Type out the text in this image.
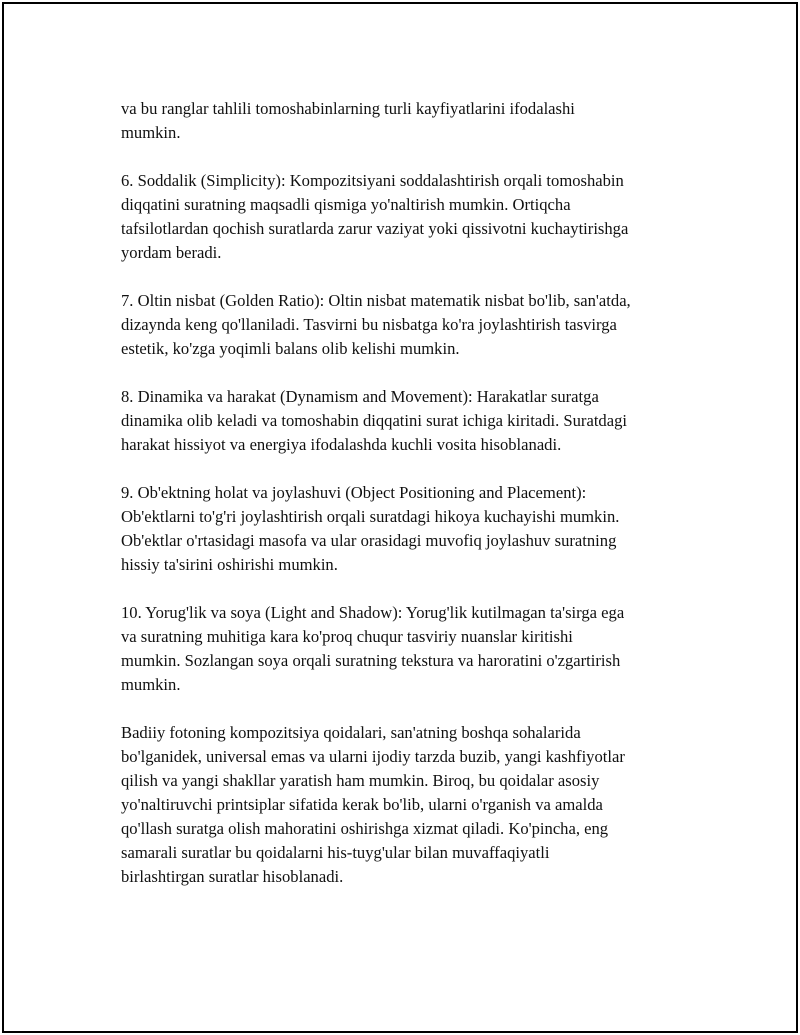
va bu ranglar tahlili tomoshabinlarning turli kayfiyatlarini ifodalashi
mumkin.

6. Soddalik (Simplicity): Kompozitsiyani soddalashtirish orqali tomoshabin
diqqatini suratning maqsadli qismiga yo'naltirish mumkin. Ortiqcha
tafsilotlardan qochish suratlarda zarur vaziyat yoki qissivotni kuchaytirishga
yordam beradi.

7. Oltin nisbat (Golden Ratio): Oltin nisbat matematik nisbat bo'lib, san'atda,
dizaynda keng qo'llaniladi. Tasvirni bu nisbatga ko'ra joylashtirish tasvirga
estetik, ko'zga yoqimli balans olib kelishi mumkin.

8. Dinamika va harakat (Dynamism and Movement): Harakatlar suratga
dinamika olib keladi va tomoshabin diqqatini surat ichiga kiritadi. Suratdagi
harakat hissiyot va energiya ifodalashda kuchli vosita hisoblanadi.

9. Ob'ektning holat va joylashuvi (Object Positioning and Placement):
Ob'ektlarni to'g'ri joylashtirish orqali suratdagi hikoya kuchayishi mumkin.
Ob'ektlar o'rtasidagi masofa va ular orasidagi muvofiq joylashuv suratning
hissiy ta'sirini oshirishi mumkin.

10. Yorug'lik va soya (Light and Shadow): Yorug'lik kutilmagan ta'sirga ega
va suratning muhitiga kara ko'proq chuqur tasviriy nuanslar kiritishi
mumkin. Sozlangan soya orqali suratning tekstura va haroratini o'zgartirish
mumkin.

Badiiy fotoning kompozitsiya qoidalari, san'atning boshqa sohalarida
bo'lganidek, universal emas va ularni ijodiy tarzda buzib, yangi kashfiyotlar
qilish va yangi shakllar yaratish ham mumkin. Biroq, bu qoidalar asosiy
yo'naltiruvchi printsiplar sifatida kerak bo'lib, ularni o'rganish va amalda
qo'llash suratga olish mahoratini oshirishga xizmat qiladi. Ko'pincha, eng
samarali suratlar bu qoidalarni his-tuyg'ular bilan muvaffaqiyatli
birlashtirgan suratlar hisoblanadi.
